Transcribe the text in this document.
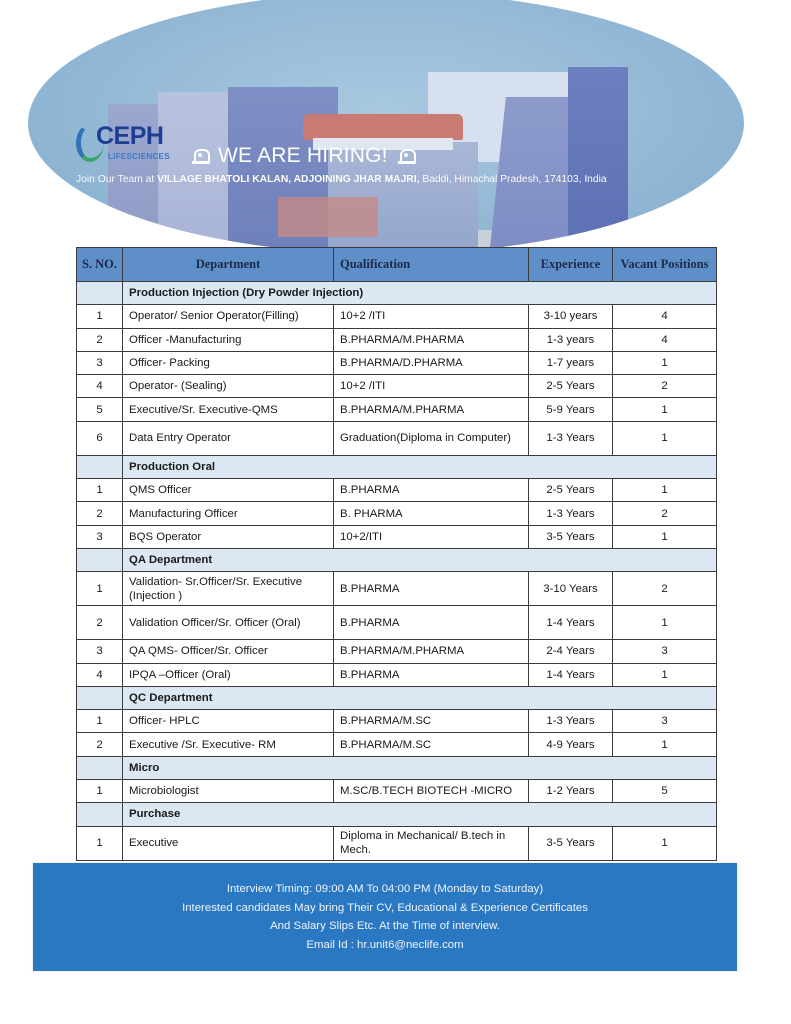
CEPH
LIFESCIENCES WE ARE HIRING!
Join Our Team at VILLAGE BHATOLI KALAN, ADJOINING JHAR MAJRI, Baddi, Himachal Pradesh, 174103, India
S. NO.	Department	Qualification	Experience	Vacant Positions
	Production Injection (Dry Powder Injection)			
1	Operator/ Senior Operator(Filling)	10+2 /ITI	3-10 years	4
2	Officer -Manufacturing	B.PHARMA/M.PHARMA	1-3 years	4
3	Officer- Packing	B.PHARMA/D.PHARMA	1-7 years	1
4	Operator- (Sealing)	10+2 /ITI	2-5 Years	2
5	Executive/Sr. Executive-QMS	B.PHARMA/M.PHARMA	5-9 Years	1
6	Data Entry Operator	Graduation(Diploma in Computer)	1-3 Years	1
	Production Oral			
1	QMS Officer	B.PHARMA	2-5 Years	1
2	Manufacturing Officer	B. PHARMA	1-3 Years	2
3	BQS Operator	10+2/ITI	3-5 Years	1
	QA Department			
1	Validation- Sr.Officer/Sr. Executive (Injection )	B.PHARMA	3-10 Years	2
2	Validation Officer/Sr. Officer (Oral)	B.PHARMA	1-4 Years	1
3	QA QMS- Officer/Sr. Officer	B.PHARMA/M.PHARMA	2-4 Years	3
4	IPQA –Officer (Oral)	B.PHARMA	1-4 Years	1
	QC Department			
1	Officer- HPLC	B.PHARMA/M.SC	1-3 Years	3
2	Executive /Sr. Executive- RM	B.PHARMA/M.SC	4-9 Years	1
	Micro			
1	Microbiologist	M.SC/B.TECH BIOTECH -MICRO	1-2 Years	5
	Purchase			
1	Executive	Diploma in Mechanical/ B.tech in Mech.	3-5 Years	1

Interview Timing: 09:00 AM To 04:00 PM (Monday to Saturday)

Interested candidates May bring Their CV, Educational & Experience Certificates

And Salary Slips Etc. At the Time of interview.

Email Id : hr.unit6@neclife.com
